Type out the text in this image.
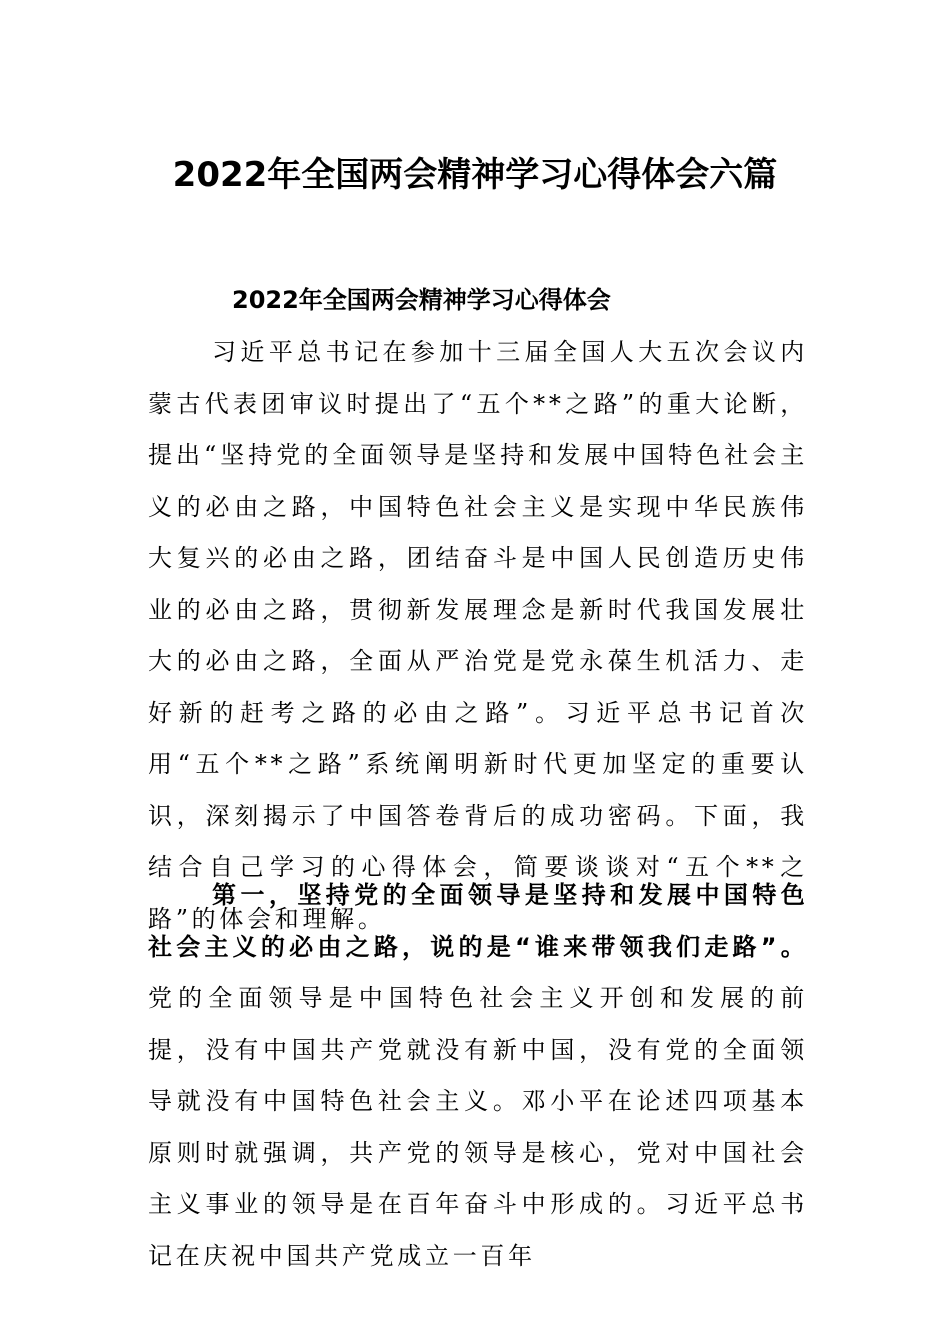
2022年全国两会精神学习心得体会六篇
2022年全国两会精神学习心得体会

习近平总书记在参加十三届全国人大五次会议内蒙古代表团审议时提出了“五个**之路”的重大论断，提出“坚持党的全面领导是坚持和发展中国特色社会主义的必由之路，中国特色社会主义是实现中华民族伟大复兴的必由之路，团结奋斗是中国人民创造历史伟业的必由之路，贯彻新发展理念是新时代我国发展壮大的必由之路，全面从严治党是党永葆生机活力、走好新的赶考之路的必由之路”。习近平总书记首次用“五个**之路”系统阐明新时代更加坚定的重要认识，深刻揭示了中国答卷背后的成功密码。下面，我结合自己学习的心得体会，简要谈谈对“五个**之路”的体会和理解。

第一，坚持党的全面领导是坚持和发展中国特色社会主义的必由之路，说的是“谁来带领我们走路”。党的全面领导是中国特色社会主义开创和发展的前提，没有中国共产党就没有新中国，没有党的全面领导就没有中国特色社会主义。邓小平在论述四项基本原则时就强调，共产党的领导是核心，党对中国社会主义事业的领导是在百年奋斗中形成的。习近平总书记在庆祝中国共产党成立一百年
